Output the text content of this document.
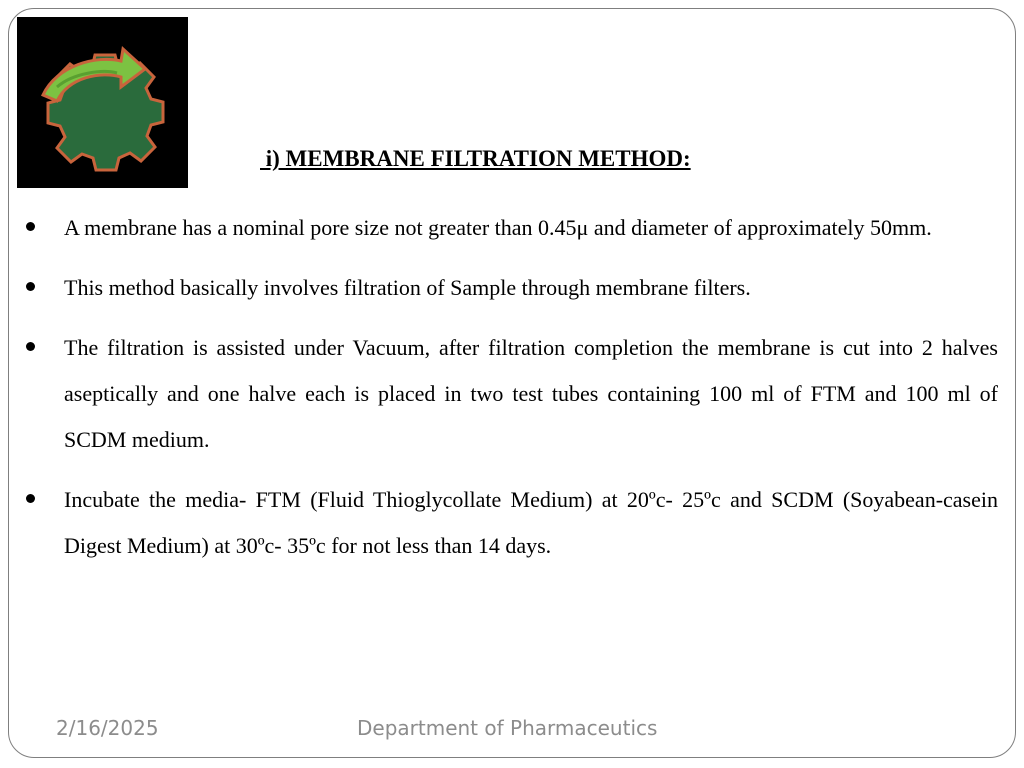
i) MEMBRANE FILTRATION METHOD:
A membrane has a nominal pore size not greater than 0.45μ and diameter of approximately 50mm.
This method basically involves filtration of Sample through membrane filters.
The filtration is assisted under Vacuum, after filtration completion the membrane is cut into 2 halves aseptically and one halve each is placed in two test tubes containing 100 ml of FTM and 100 ml of SCDM medium.
Incubate the media- FTM (Fluid Thioglycollate Medium) at 20ºc- 25ºc and SCDM (Soyabean-casein Digest Medium) at 30ºc- 35ºc for not less than 14 days.
2/16/2025	Department of Pharmaceutics
